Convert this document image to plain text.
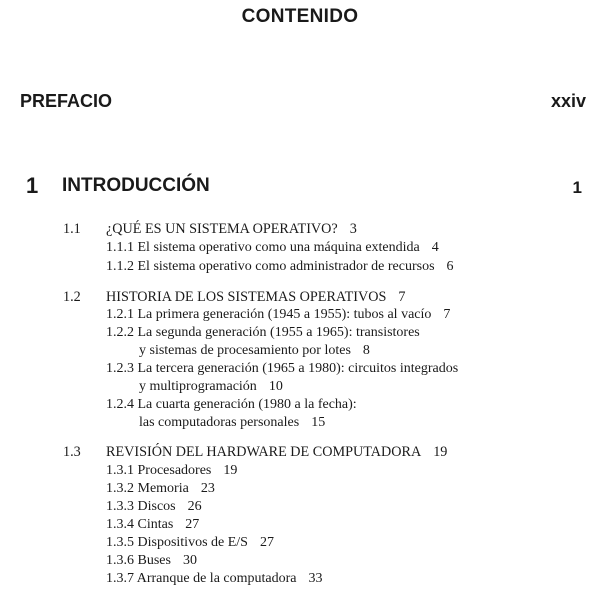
CONTENIDO
PREFACIO	xxiv
1 INTRODUCCIÓN	1
1.1 ¿QUÉ ES UN SISTEMA OPERATIVO? 3
1.1.1 El sistema operativo como una máquina extendida 4
1.1.2 El sistema operativo como administrador de recursos 6
1.2 HISTORIA DE LOS SISTEMAS OPERATIVOS 7
1.2.1 La primera generación (1945 a 1955): tubos al vacío 7
1.2.2 La segunda generación (1955 a 1965): transistores
y sistemas de procesamiento por lotes 8
1.2.3 La tercera generación (1965 a 1980): circuitos integrados
y multiprogramación 10
1.2.4 La cuarta generación (1980 a la fecha):
las computadoras personales 15
1.3 REVISIÓN DEL HARDWARE DE COMPUTADORA 19
1.3.1 Procesadores 19
1.3.2 Memoria 23
1.3.3 Discos 26
1.3.4 Cintas 27
1.3.5 Dispositivos de E/S 27
1.3.6 Buses 30
1.3.7 Arranque de la computadora 33
